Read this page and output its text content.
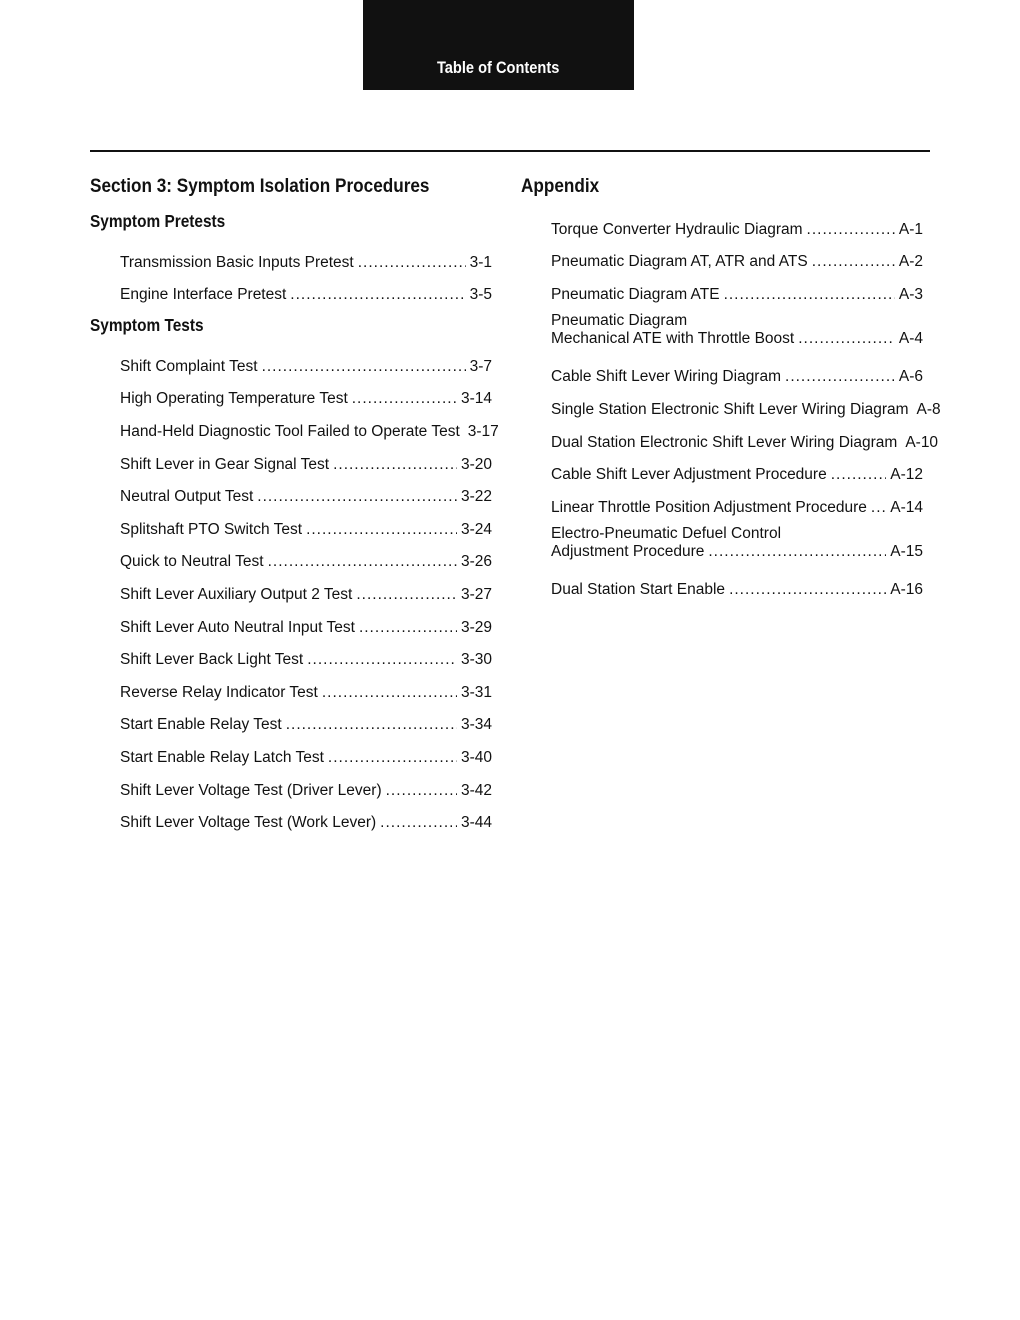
Table of Contents
Section 3: Symptom Isolation Procedures
Symptom Pretests
Transmission Basic Inputs Pretest .....	3-1
Engine Interface Pretest .....	3-5
Symptom Tests
Shift Complaint Test .....	3-7
High Operating Temperature Test .....	3-14
Hand-Held Diagnostic Tool Failed to Operate Test 3-17
Shift Lever in Gear Signal Test .....	3-20
Neutral Output Test .....	3-22
Splitshaft PTO Switch Test .....	3-24
Quick to Neutral Test .....	3-26
Shift Lever Auxiliary Output 2 Test .....	3-27
Shift Lever Auto Neutral Input Test .....	3-29
Shift Lever Back Light Test .....	3-30
Reverse Relay Indicator Test .....	3-31
Start Enable Relay Test .....	3-34
Start Enable Relay Latch Test .....	3-40
Shift Lever Voltage Test (Driver Lever) .....	3-42
Shift Lever Voltage Test (Work Lever) .....	3-44
Appendix
Torque Converter Hydraulic Diagram .....	A-1
Pneumatic Diagram AT, ATR and ATS .....	A-2
Pneumatic Diagram ATE .....	A-3
Pneumatic Diagram
Mechanical ATE with Throttle Boost .....	A-4
Cable Shift Lever Wiring Diagram .....	A-6
Single Station Electronic Shift Lever Wiring Diagram A-8
Dual Station Electronic Shift Lever Wiring Diagram A-10
Cable Shift Lever Adjustment Procedure .....	A-12
Linear Throttle Position Adjustment Procedure ..... A-14
Electro-Pneumatic Defuel Control
Adjustment Procedure .....	A-15
Dual Station Start Enable .....	A-16
